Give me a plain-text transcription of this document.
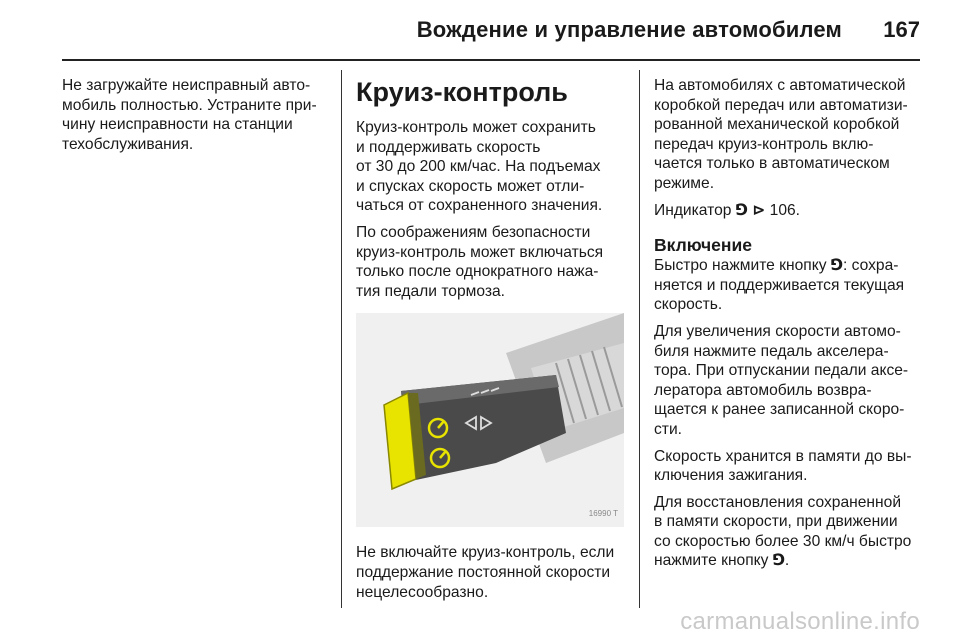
Вождение и управление автомобилем 167

Не загружайте неисправный авто-
мобиль полностью. Устраните при-
чину неисправности на станции
техобслуживания.

Круиз-контроль

Круиз-контроль может сохранить
и поддерживать скорость
от 30 до 200 км/час. На подъемах
и спусках скорость может отли-
чаться от сохраненного значения.

По соображениям безопасности
круиз-контроль может включаться
только после однократного нажа-
тия педали тормоза.

16990 T

Не включайте круиз-контроль, если
поддержание постоянной скорости
нецелесообразно.

На автомобилях с автоматической
коробкой передач или автоматизи-
рованной механической коробкой
передач круиз-контроль вклю-
чается только в автоматическом
режиме.

Индикатор ⅁ ⊳ 106.

Включение

Быстро нажмите кнопку ⅁: сохра-
няется и поддерживается текущая
скорость.

Для увеличения скорости автомо-
биля нажмите педаль акселера-
тора. При отпускании педали аксе-
лератора автомобиль возвра-
щается к ранее записанной скоро-
сти.

Скорость хранится в памяти до вы-
ключения зажигания.

Для восстановления сохраненной
в памяти скорости, при движении
со скоростью более 30 км/ч быстро
нажмите кнопку ⅁.

carmanualsonline.info
